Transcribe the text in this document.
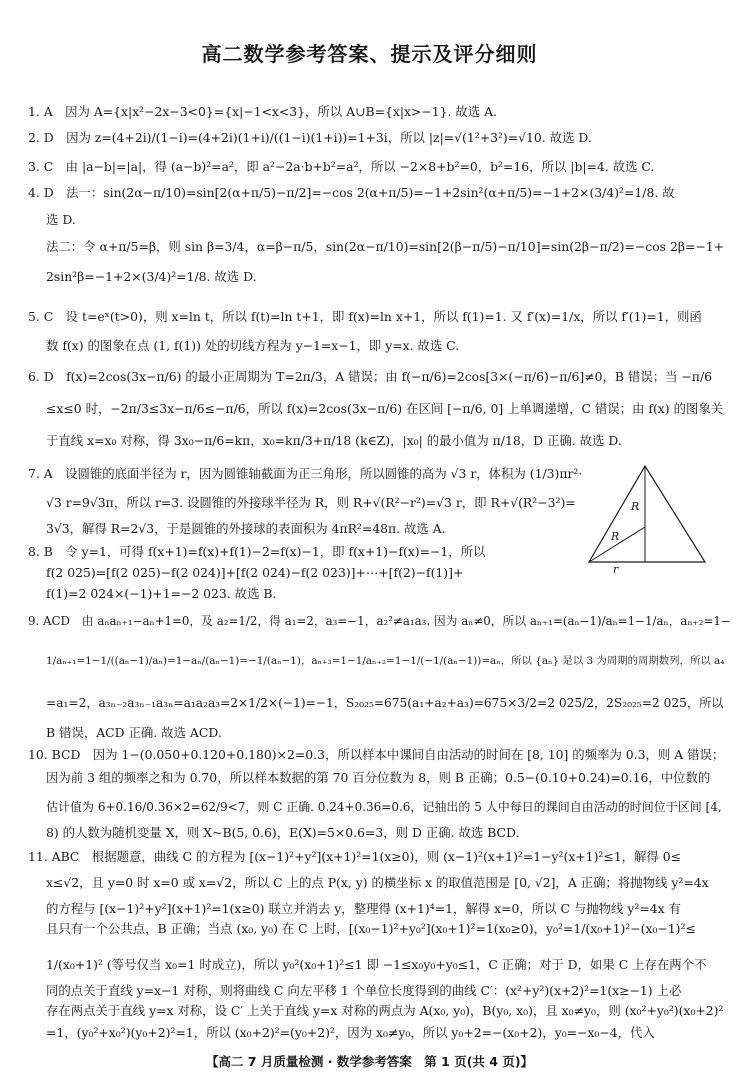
高二数学参考答案、提示及评分细则
1. A　因为 A={x|x²−2x−3<0}={x|−1<x<3}，所以 A∪B={x|x>−1}. 故选 A.
2. D　因为 z=(4+2i)/(1−i)=(4+2i)(1+i)/((1−i)(1+i))=1+3i，所以 |z|=√(1²+3²)=√10. 故选 D.
3. C　由 |a−b|=|a|，得 (a−b)²=a²，即 a²−2a·b+b²=a²，所以 −2×8+b²=0，b²=16，所以 |b|=4. 故选 C.
4. D　法一：sin(2α−π/10)=sin[2(α+π/5)−π/2]=−cos 2(α+π/5)=−1+2sin²(α+π/5)=−1+2×(3/4)²=1/8. 故
选 D.
法二：令 α+π/5=β，则 sin β=3/4，α=β−π/5，sin(2α−π/10)=sin[2(β−π/5)−π/10]=sin(2β−π/2)=−cos 2β=−1+
2sin²β=−1+2×(3/4)²=1/8. 故选 D.
5. C　设 t=eˣ(t>0)，则 x=ln t，所以 f(t)=ln t+1，即 f(x)=ln x+1，所以 f(1)=1. 又 f′(x)=1/x，所以 f′(1)=1，则函
数 f(x) 的图象在点 (1, f(1)) 处的切线方程为 y−1=x−1，即 y=x. 故选 C.
6. D　f(x)=2cos(3x−π/6) 的最小正周期为 T=2π/3，A 错误；由 f(−π/6)=2cos[3×(−π/6)−π/6]≠0，B 错误；当 −π/6
≤x≤0 时，−2π/3≤3x−π/6≤−π/6，所以 f(x)=2cos(3x−π/6) 在区间 [−π/6, 0] 上单调递增，C 错误；由 f(x) 的图象关
于直线 x=x₀ 对称，得 3x₀−π/6=kπ，x₀=kπ/3+π/18 (k∈Z)，|x₀| 的最小值为 π/18，D 正确. 故选 D.
7. A　设圆锥的底面半径为 r，因为圆锥轴截面为正三角形，所以圆锥的高为 √3 r，体积为 (1/3)πr²·
√3 r=9√3π，所以 r=3. 设圆锥的外接球半径为 R，则 R+√(R²−r²)=√3 r，即 R+√(R²−3²)=
3√3，解得 R=2√3，于是圆锥的外接球的表面积为 4πR²=48π. 故选 A.
8. B　令 y=1，可得 f(x+1)=f(x)+f(1)−2=f(x)−1，即 f(x+1)−f(x)=−1，所以
f(2 025)=[f(2 025)−f(2 024)]+[f(2 024)−f(2 023)]+⋯+[f(2)−f(1)]+
f(1)=2 024×(−1)+1=−2 023. 故选 B.
9. ACD　由 aₙaₙ₊₁−aₙ+1=0，及 a₂=1/2，得 a₁=2，a₃=−1，a₂²≠a₁a₃. 因为 aₙ≠0，所以 aₙ₊₁=(aₙ−1)/aₙ=1−1/aₙ，aₙ₊₂=1−
1/aₙ₊₁=1−1/((aₙ−1)/aₙ)=1−aₙ/(aₙ−1)=−1/(aₙ−1)，aₙ₊₃=1−1/aₙ₊₂=1−1/(−1/(aₙ−1))=aₙ，所以 {aₙ} 是以 3 为周期的周期数列，所以 a₄
=a₁=2，a₃ₙ₋₂a₃ₙ₋₁a₃ₙ=a₁a₂a₃=2×1/2×(−1)=−1，S₂₀₂₅=675(a₁+a₂+a₃)=675×3/2=2 025/2，2S₂₀₂₅=2 025，所以
B 错误，ACD 正确. 故选 ACD.
10. BCD　因为 1−(0.050+0.120+0.180)×2=0.3，所以样本中课间自由活动的时间在 [8, 10] 的频率为 0.3，则 A 错误；
因为前 3 组的频率之和为 0.70，所以样本数据的第 70 百分位数为 8，则 B 正确；0.5−(0.10+0.24)=0.16，中位数的
估计值为 6+0.16/0.36×2=62/9<7，则 C 正确. 0.24+0.36=0.6，记抽出的 5 人中每日的课间自由活动的时间位于区间 [4,
8) 的人数为随机变量 X，则 X~B(5, 0.6)，E(X)=5×0.6=3，则 D 正确. 故选 BCD.
11. ABC　根据题意，曲线 C 的方程为 [(x−1)²+y²](x+1)²=1(x≥0)，则 (x−1)²(x+1)²=1−y²(x+1)²≤1，解得 0≤
x≤√2，且 y=0 时 x=0 或 x=√2，所以 C 上的点 P(x, y) 的横坐标 x 的取值范围是 [0, √2]，A 正确；将抛物线 y²=4x
的方程与 [(x−1)²+y²](x+1)²=1(x≥0) 联立并消去 y，整理得 (x+1)⁴=1，解得 x=0，所以 C 与抛物线 y²=4x 有
且只有一个公共点，B 正确；当点 (x₀, y₀) 在 C 上时，[(x₀−1)²+y₀²](x₀+1)²=1(x₀≥0)，y₀²=1/(x₀+1)²−(x₀−1)²≤
1/(x₀+1)² (等号仅当 x₀=1 时成立)，所以 y₀²(x₀+1)²≤1 即 −1≤x₀y₀+y₀≤1，C 正确；对于 D，如果 C 上存在两个不
同的点关于直线 y=x−1 对称，则将曲线 C 向左平移 1 个单位长度得到的曲线 C′：(x²+y²)(x+2)²=1(x≥−1) 上必
存在两点关于直线 y=x 对称，设 C′ 上关于直线 y=x 对称的两点为 A(x₀, y₀)，B(y₀, x₀)，且 x₀≠y₀，则 (x₀²+y₀²)(x₀+2)²
=1，(y₀²+x₀²)(y₀+2)²=1，所以 (x₀+2)²=(y₀+2)²，因为 x₀≠y₀，所以 y₀+2=−(x₀+2)，y₀=−x₀−4，代入
R
R
r
【高二 7 月质量检测 · 数学参考答案　第 1 页(共 4 页)】
